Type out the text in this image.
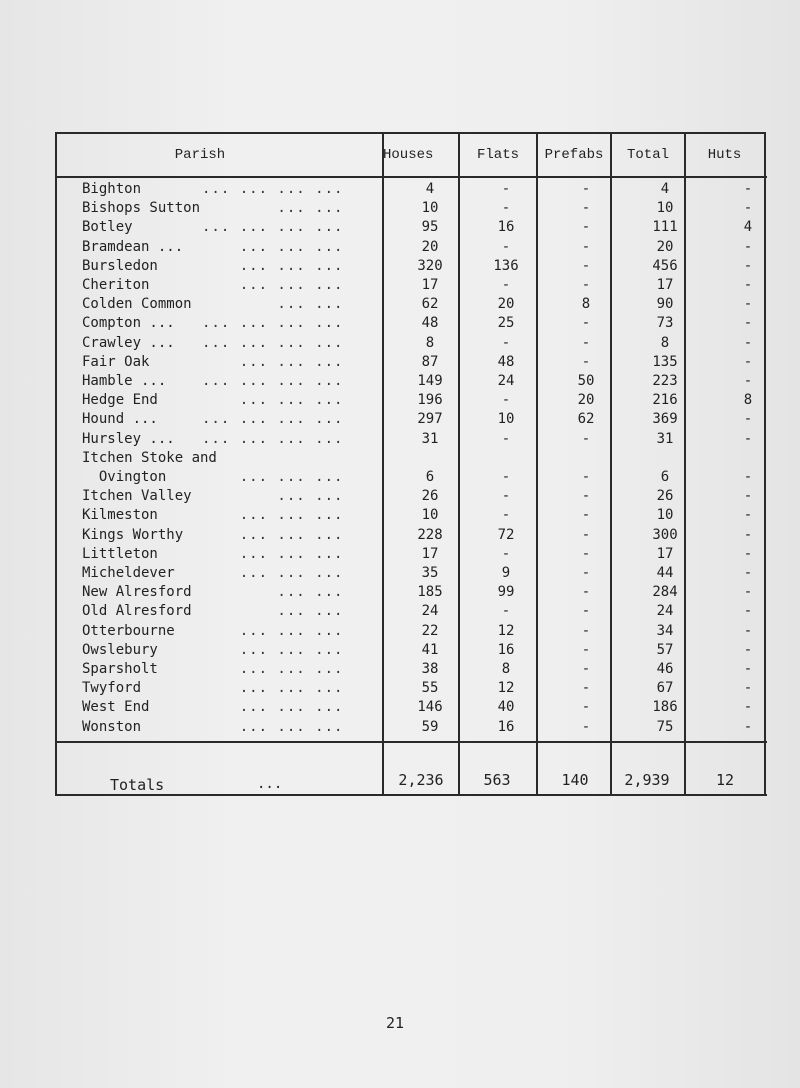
Parish	Houses	Flats	Prefabs	Total	Huts
Bighton	... ... ... ...	4	-	-	4	-
Bishops Sutton ... ...	10	-	-	10	-
Botley	... ... ... ...	95	16	-	111	4
Bramdean ... ... ... ...	20	-	-	20	-
Bursledon	... ... ...	320	136	-	456	-
Cheriton	... ... ...	17	-	-	17	-
Colden Common ... ...	62	20	8	90	-
Compton ... ... ... ... ...	48	25	-	73	-
Crawley ... ... ... ... ...	8	-	-	8	-
Fair Oak	... ... ...	87	48	-	135	-
Hamble ...	... ... ... ...	149	24	50	223	-
Hedge End	... ... ...	196	-	20	216	8
Hound ...	... ... ... ...	297	10	62	369	-
Hursley ... ... ... ... ...	31	-	-	31	-
Itchen Stoke and
Ovington	... ... ...	6	-	-	6	-
Itchen Valley ... ...	26	-	-	26	-
Kilmeston	... ... ...	10	-	-	10	-
Kings Worthy ... ... ...	228	72	-	300	-
Littleton	... ... ...	17	-	-	17	-
Micheldever ... ... ...	35	9	-	44	-
New Alresford ... ...	185	99	-	284	-
Old Alresford ... ...	24	-	-	24	-
Otterbourne ... ... ...	22	12	-	34	-
Owslebury	... ... ...	41	16	-	57	-
Sparsholt	... ... ...	38	8	-	46	-
Twyford	... ... ...	55	12	-	67	-
West End	... ... ...	146	40	-	186	-
Wonston	... ... ...	59	16	-	75	-
Totals	...	2,236	563	140	2,939	12
21
